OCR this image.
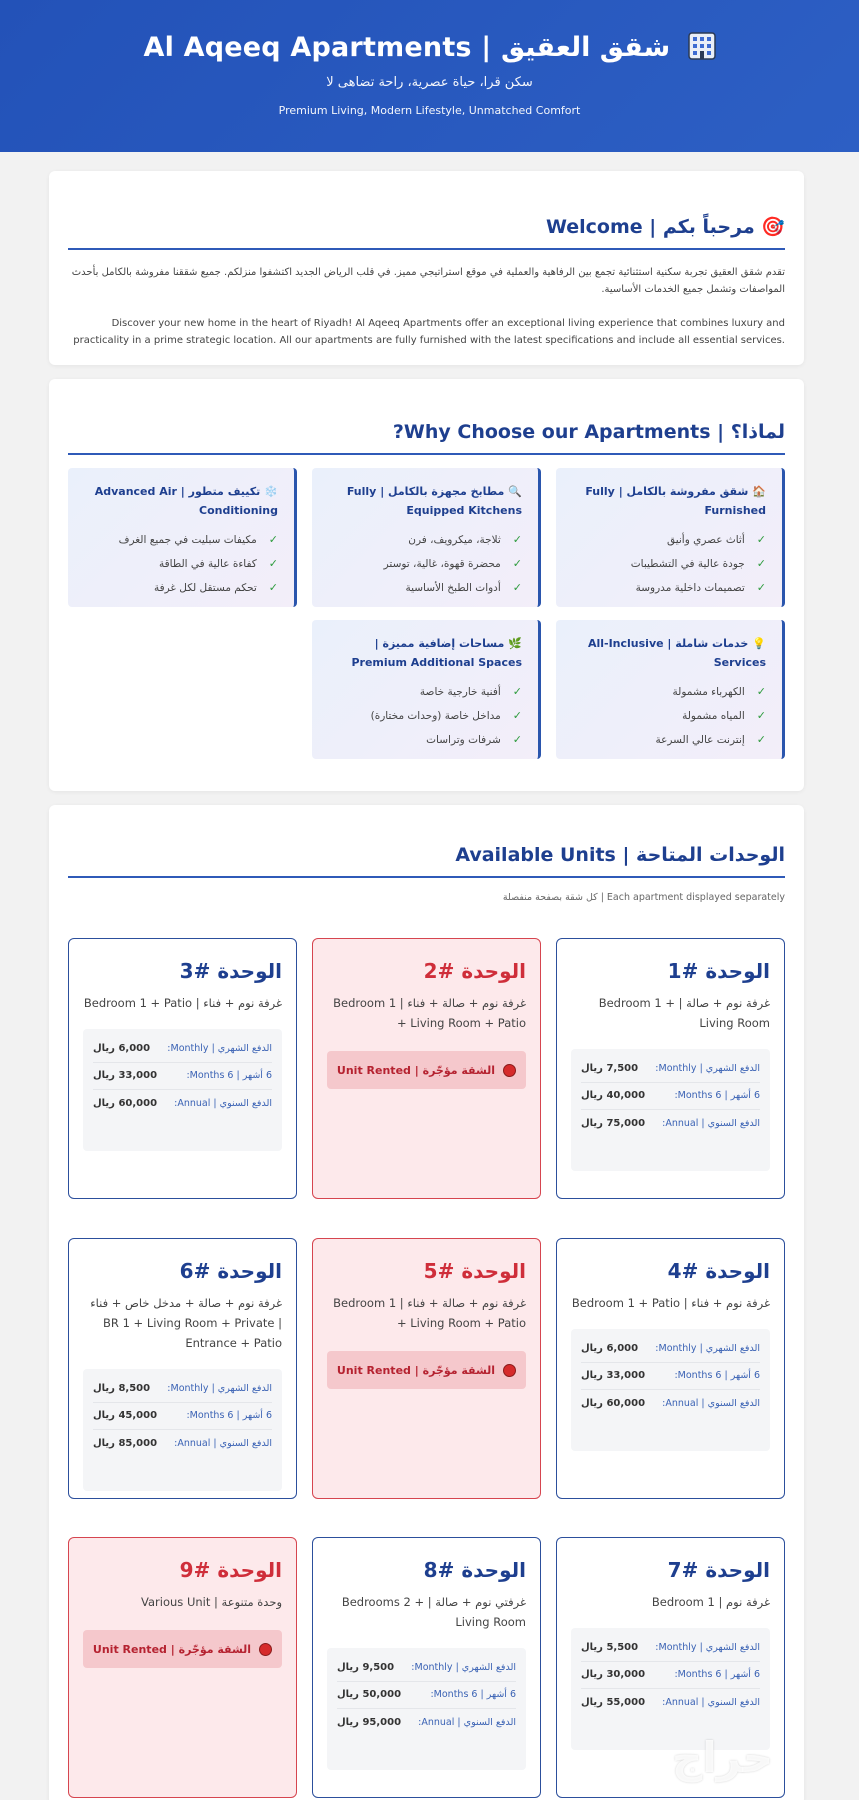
Al Aqeeq Apartments | شقق العقيق
سكن قرا، حياة عصرية، راحة تضاهى لا
Premium Living, Modern Lifestyle, Unmatched Comfort
Welcome | مرحباً بكم 🎯

تقدم شقق العقيق تجربة سكنية استثنائية تجمع بين الرفاهية والعملية في موقع استراتيجي مميز. في قلب الرياض الجديد اكتشفوا منزلكم. جميع شققنا مفروشة بالكامل بأحدث المواصفات وتشمل جميع الخدمات الأساسية.

Discover your new home in the heart of Riyadh! Al Aqeeq Apartments offer an exceptional living experience that combines luxury and practicality in a prime strategic location. All our apartments are fully furnished with the latest specifications and include all essential services.

?Why Choose our Apartments | لماذا؟
🏠شقق مفروشة بالكامل | Fully Furnished
✓أثاث عصري وأنيق
✓جودة عالية في التشطيبات
✓تصميمات داخلية مدروسة
🔍مطابخ مجهزة بالكامل | Fully Equipped Kitchens
✓ثلاجة، ميكرويف، فرن
✓محضرة قهوة، غالية، توستر
✓أدوات الطبخ الأساسية
❄️تكييف متطور | Advanced Air Conditioning
✓مكيفات سبليت في جميع الغرف
✓كفاءة عالية في الطاقة
✓تحكم مستقل لكل غرفة
💡خدمات شاملة | All-Inclusive Services
✓الكهرباء مشمولة
✓المياه مشمولة
✓إنترنت عالي السرعة
🌿مساحات إضافية مميزة | Premium Additional Spaces
✓أفنية خارجية خاصة
✓مداخل خاصة (وحدات مختارة)
✓شرفات وتراسات
Available Units | الوحدات المتاحة
كل شقة بصفحة منفصلة | Each apartment displayed separately
الوحدة #1
غرفة نوم + صالة | Bedroom 1 + Living Room
الدفع الشهري | Monthly:
7,500 ريال
6 أشهر | Months 6:
40,000 ريال
الدفع السنوي | Annual:
75,000 ريال
الوحدة #2
غرفة نوم + صالة + فناء | Bedroom 1 + Living Room + Patio
الشقة مؤجّرة | Unit Rented
الوحدة #3
غرفة نوم + فناء | Bedroom 1 + Patio
الدفع الشهري | Monthly:
6,000 ريال
6 أشهر | Months 6:
33,000 ريال
الدفع السنوي | Annual:
60,000 ريال
الوحدة #4
غرفة نوم + فناء | Bedroom 1 + Patio
الدفع الشهري | Monthly:
6,000 ريال
6 أشهر | Months 6:
33,000 ريال
الدفع السنوي | Annual:
60,000 ريال
الوحدة #5
غرفة نوم + صالة + فناء | Bedroom 1 + Living Room + Patio
الشقة مؤجّرة | Unit Rented
الوحدة #6
غرفة نوم + صالة + مدخل خاص + فناء | BR 1 + Living Room + Private Entrance + Patio
الدفع الشهري | Monthly:
8,500 ريال
6 أشهر | Months 6:
45,000 ريال
الدفع السنوي | Annual:
85,000 ريال
الوحدة #7
غرفة نوم | Bedroom 1
الدفع الشهري | Monthly:
5,500 ريال
6 أشهر | Months 6:
30,000 ريال
الدفع السنوي | Annual:
55,000 ريال
الوحدة #8
غرفتي نوم + صالة | Bedrooms 2 + Living Room
الدفع الشهري | Monthly:
9,500 ريال
6 أشهر | Months 6:
50,000 ريال
الدفع السنوي | Annual:
95,000 ريال
الوحدة #9
وحدة متنوعة | Various Unit
الشقة مؤجّرة | Unit Rented
حراج
